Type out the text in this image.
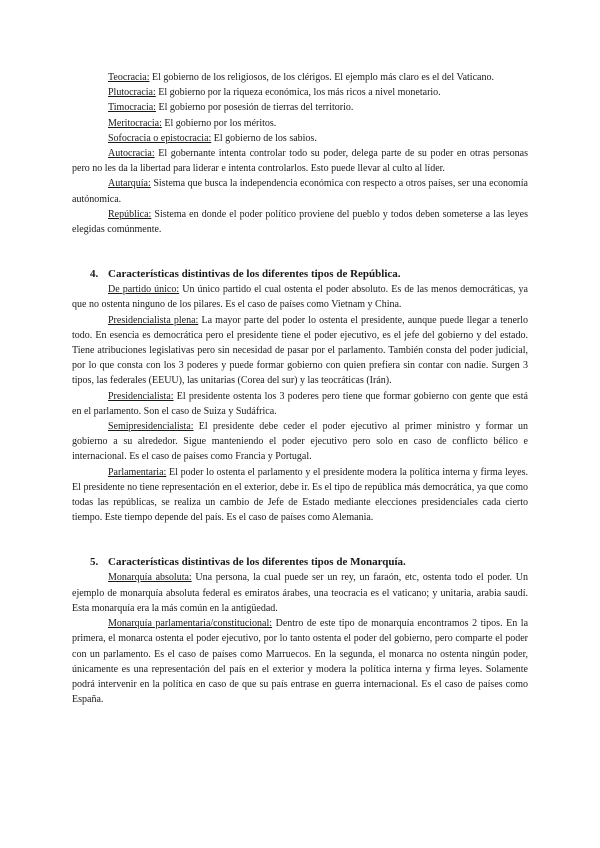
Teocracia: El gobierno de los religiosos, de los clérigos. El ejemplo más claro es el del Vaticano.

Plutocracia: El gobierno por la riqueza económica, los más ricos a nivel monetario.

Timocracia: El gobierno por posesión de tierras del territorio.

Meritocracia: El gobierno por los méritos.

Sofocracia o epistocracia: El gobierno de los sabios.

Autocracia: El gobernante intenta controlar todo su poder, delega parte de su poder en otras personas pero no les da la libertad para liderar e intenta controlarlos. Esto puede llevar al culto al líder.

Autarquía: Sistema que busca la independencia económica con respecto a otros países, ser una economía autónomica.

República: Sistema en donde el poder político proviene del pueblo y todos deben someterse a las leyes elegidas comúnmente.

4. Características distintivas de los diferentes tipos de República.

De partido único: Un único partido el cual ostenta el poder absoluto. Es de las menos democráticas, ya que no ostenta ninguno de los pilares. Es el caso de países como Vietnam y China.

Presidencialista plena: La mayor parte del poder lo ostenta el presidente, aunque puede llegar a tenerlo todo. En esencia es democrática pero el presidente tiene el poder ejecutivo, es el jefe del gobierno y del estado. Tiene atribuciones legislativas pero sin necesidad de pasar por el parlamento. También consta del poder judicial, por lo que consta con los 3 poderes y puede formar gobierno con quien prefiera sin contar con nadie. Surgen 3 tipos, las federales (EEUU), las unitarias (Corea del sur) y las teocráticas (Irán).

Presidencialista: El presidente ostenta los 3 poderes pero tiene que formar gobierno con gente que está en el parlamento. Son el caso de Suiza y Sudáfrica.

Semipresidencialista: El presidente debe ceder el poder ejecutivo al primer ministro y formar un gobierno a su alrededor. Sigue manteniendo el poder ejecutivo pero solo en caso de conflicto bélico e internacional. Es el caso de países como Francia y Portugal.

Parlamentaria: El poder lo ostenta el parlamento y el presidente modera la política interna y firma leyes. El presidente no tiene representación en el exterior, debe ir. Es el tipo de república más democrática, ya que como todas las repúblicas, se realiza un cambio de Jefe de Estado mediante elecciones presidenciales cada cierto tiempo. Este tiempo depende del país. Es el caso de países como Alemania.

5. Características distintivas de los diferentes tipos de Monarquía.

Monarquía absoluta: Una persona, la cual puede ser un rey, un faraón, etc, ostenta todo el poder. Un ejemplo de monarquía absoluta federal es emiratos árabes, una teocracia es el vaticano; y unitaria, arabia saudí. Esta monarquía era la más común en la antigüedad.

Monarquía parlamentaria/constitucional: Dentro de este tipo de monarquía encontramos 2 tipos. En la primera, el monarca ostenta el poder ejecutivo, por lo tanto ostenta el poder del gobierno, pero comparte el poder con un parlamento. Es el caso de países como Marruecos. En la segunda, el monarca no ostenta ningún poder, únicamente es una representación del país en el exterior y modera la política interna y firma leyes. Solamente podrá intervenir en la política en caso de que su país entrase en guerra internacional. Es el caso de países como España.
